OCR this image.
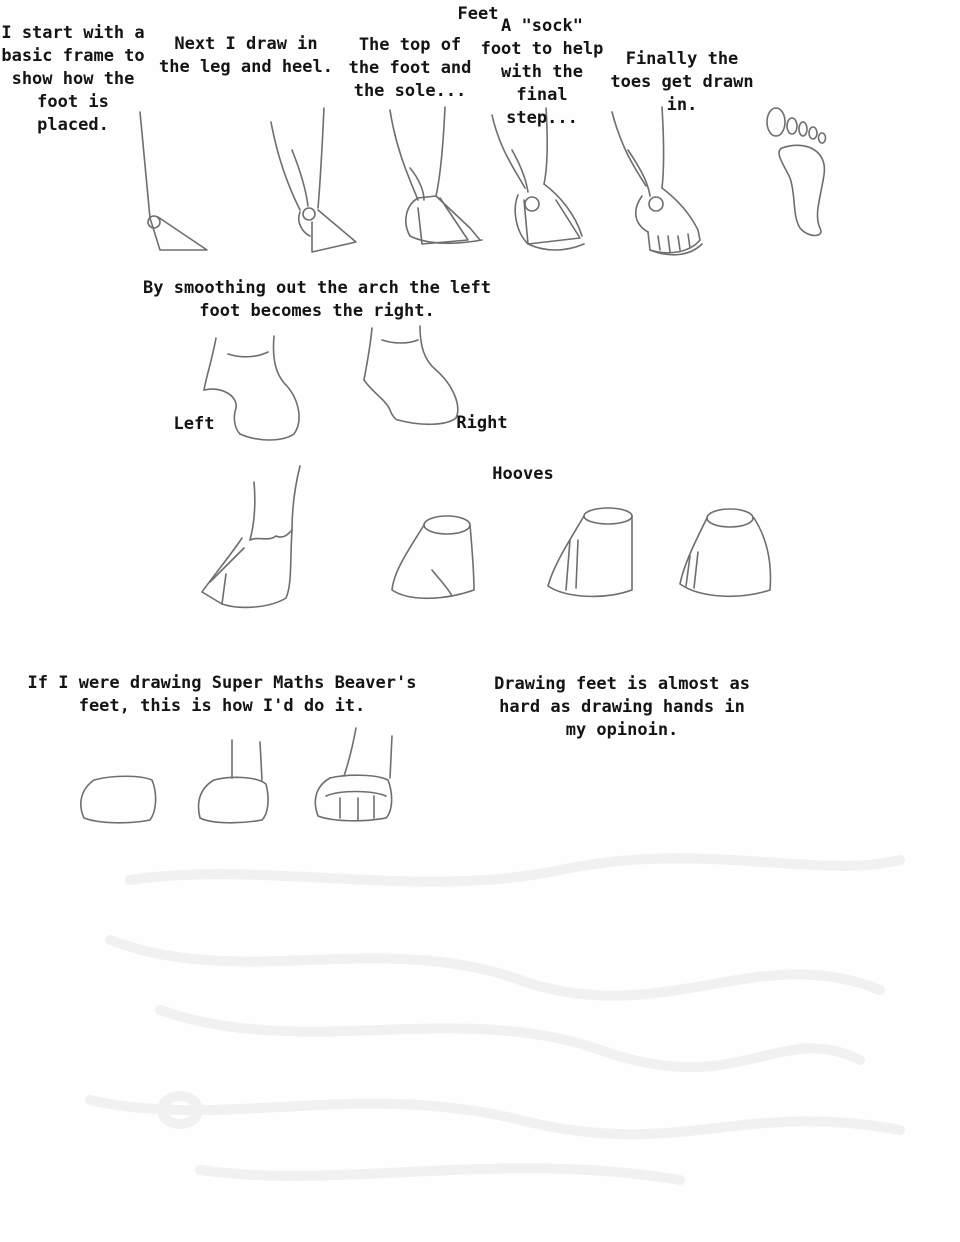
Feet
I start with a
basic frame to
show how the
foot is placed.
Next I draw in
the leg and heel.
The top of
the foot and
the sole...
A "sock"
foot to help
with the
final step...
Finally the
toes get drawn
in.
By smoothing out the arch the left
foot becomes the right.
Left	Right
Hooves
If I were drawing Super Maths Beaver's
feet, this is how I'd do it.
Drawing feet is almost as
hard as drawing hands in
my opinoin.
